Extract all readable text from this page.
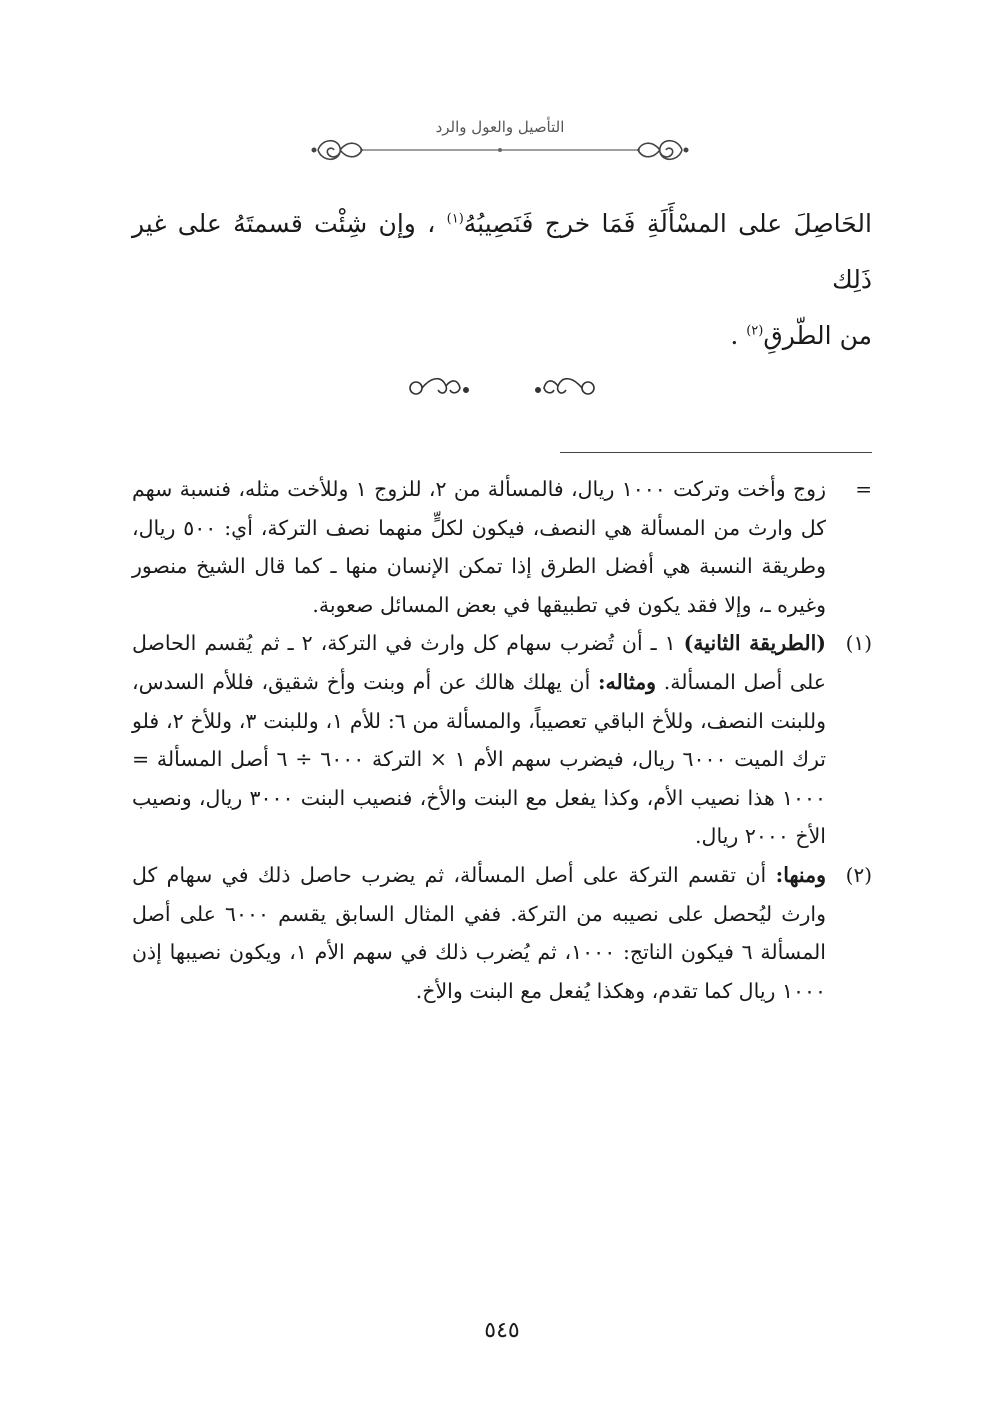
التأصيل والعول والرد
الحَاصِلَ على المسْأَلَةِ فَمَا خرج فَنَصِيبُهُ$^{(١)}$ ، وإن شِئْت قسمتَهُ على غير ذَلِك
من الطّرقِ$^{(٢)}$ .
=
زوج وأخت وتركت ١٠٠٠ ريال، فالمسألة من ٢، للزوج ١ وللأخت مثله، فنسبة سهم كل وارث من المسألة هي النصف، فيكون لكلٍّ منهما نصف التركة، أي: ٥٠٠ ريال، وطريقة النسبة هي أفضل الطرق إذا تمكن الإنسان منها ـ كما قال الشيخ منصور وغيره ـ، وإلا فقد يكون في تطبيقها في بعض المسائل صعوبة.
(١)
(الطريقة الثانية) ١ ـ أن تُضرب سهام كل وارث في التركة، ٢ ـ ثم يُقسم الحاصل على أصل المسألة. ومثاله: أن يهلك هالك عن أم وبنت وأخ شقيق، فللأم السدس، وللبنت النصف، وللأخ الباقي تعصيباً، والمسألة من ٦: للأم ١، وللبنت ٣، وللأخ ٢، فلو ترك الميت ٦٠٠٠ ريال، فيضرب سهم الأم ١ × التركة ٦٠٠٠ ÷ ٦ أصل المسألة = ١٠٠٠ هذا نصيب الأم، وكذا يفعل مع البنت والأخ، فنصيب البنت ٣٠٠٠ ريال، ونصيب الأخ ٢٠٠٠ ريال.
(٢)
ومنها: أن تقسم التركة على أصل المسألة، ثم يضرب حاصل ذلك في سهام كل وارث ليُحصل على نصيبه من التركة. ففي المثال السابق يقسم ٦٠٠٠ على أصل المسألة ٦ فيكون الناتج: ١٠٠٠، ثم يُضرب ذلك في سهم الأم ١، ويكون نصيبها إذن ١٠٠٠ ريال كما تقدم، وهكذا يُفعل مع البنت والأخ.
٥٤٥
